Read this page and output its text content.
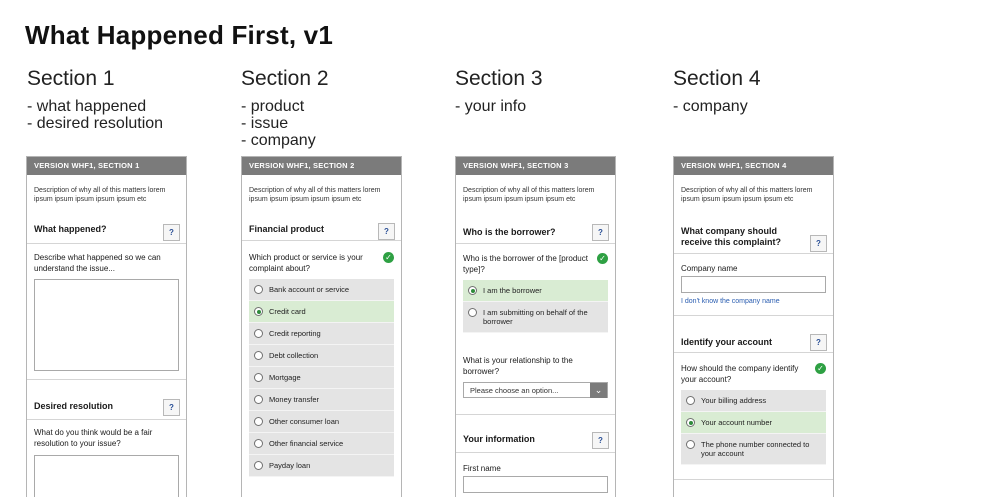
What Happened First, v1
Section 1
- what happened
- desired resolution
Section 2
- product
- issue
- company
Section 3
- your info
Section 4
- company
VERSION WHF1, SECTION 1
Description of why all of this matters lorem ipsum ipsum ipsum ipsum ipsum etc
What happened?	?
Describe what happened so we can understand the issue...
Desired resolution	?
What do you think would be a fair resolution to your issue?
VERSION WHF1, SECTION 2
Description of why all of this matters lorem ipsum ipsum ipsum ipsum ipsum etc
Financial product	?
Which product or service is your complaint about?
✓
Bank account or service
Credit card
Credit reporting
Debt collection
Mortgage
Money transfer
Other consumer loan
Other financial service
Payday loan
VERSION WHF1, SECTION 3
Description of why all of this matters lorem ipsum ipsum ipsum ipsum ipsum etc
Who is the borrower?	?
Who is the borrower of the [product type]?
✓
I am the borrower
I am submitting on behalf of the borrower
What is your relationship to the borrower?
Please choose an option...	⌄
Your information	?
First name
VERSION WHF1, SECTION 4
Description of why all of this matters lorem ipsum ipsum ipsum ipsum ipsum etc
What company should receive this complaint?	?
Company name
I don't know the company name
Identify your account	?
How should the company identify your account?
✓
Your billing address
Your account number
The phone number connected to your account
